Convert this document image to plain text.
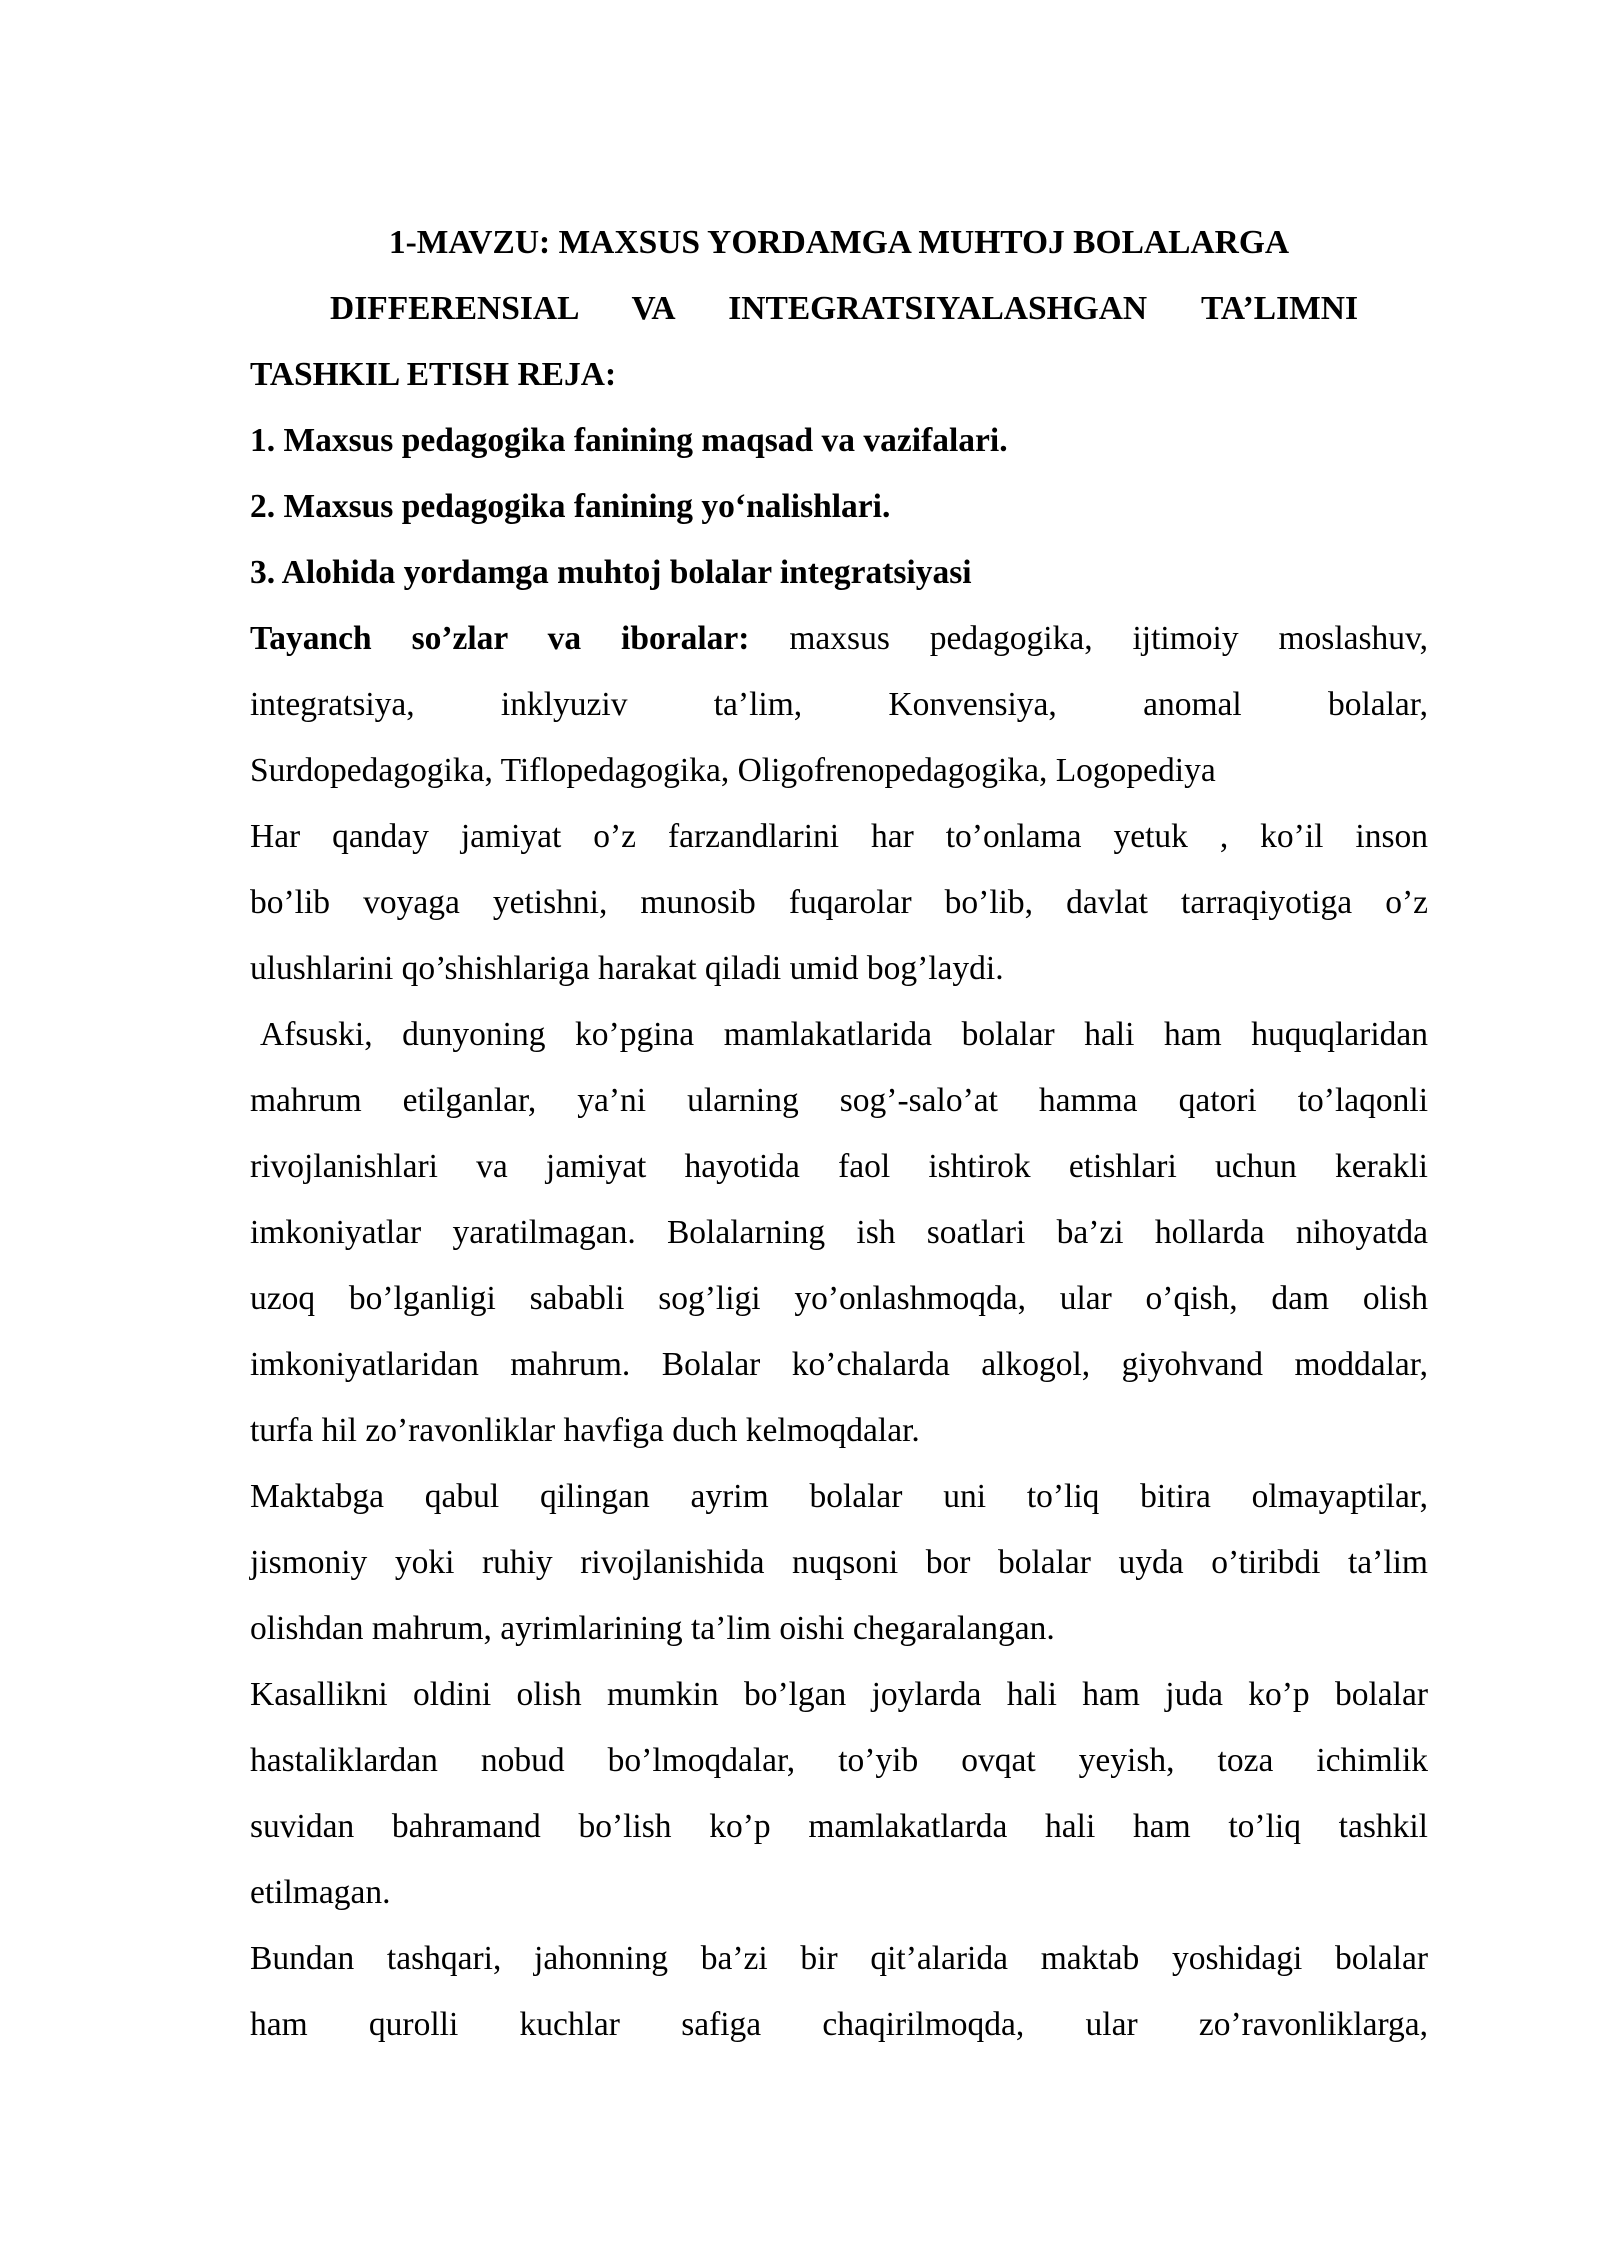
1-MAVZU: MAXSUS YORDAMGA MUHTOJ BOLALARGA
DIFFERENSIAL VA INTEGRATSIYALASHGAN TA’LIMNI
TASHKIL ETISH REJA:
1. Maxsus pedagogika fanining maqsad va vazifalari.
2. Maxsus pedagogika fanining yo‘nalishlari.
3. Alohida yordamga muhtoj bolalar integratsiyasi
Tayanch so’zlar va iboralar: maxsus pedagogika, ijtimoiy moslashuv,
integratsiya, inklyuziv ta’lim, Konvensiya, anomal bolalar,
Surdopedagogika, Tiflopedagogika, Oligofrenopedagogika, Logopediya
Har qanday jamiyat o’z farzandlarini har to’onlama yetuk , ko’il inson
bo’lib voyaga yetishni, munosib fuqarolar bo’lib, davlat tarraqiyotiga o’z
ulushlarini qo’shishlariga harakat qiladi umid bog’laydi.
Afsuski, dunyoning ko’pgina mamlakatlarida bolalar hali ham huquqlaridan
mahrum etilganlar, ya’ni ularning sog’-salo’at hamma qatori to’laqonli
rivojlanishlari va jamiyat hayotida faol ishtirok etishlari uchun kerakli
imkoniyatlar yaratilmagan. Bolalarning ish soatlari ba’zi hollarda nihoyatda
uzoq bo’lganligi sababli sog’ligi yo’onlashmoqda, ular o’qish, dam olish
imkoniyatlaridan mahrum. Bolalar ko’chalarda alkogol, giyohvand moddalar,
turfa hil zo’ravonliklar havfiga duch kelmoqdalar.
Maktabga qabul qilingan ayrim bolalar uni to’liq bitira olmayaptilar,
jismoniy yoki ruhiy rivojlanishida nuqsoni bor bolalar uyda o’tiribdi ta’lim
olishdan mahrum, ayrimlarining ta’lim oishi chegaralangan.
Kasallikni oldini olish mumkin bo’lgan joylarda hali ham juda ko’p bolalar
hastaliklardan nobud bo’lmoqdalar, to’yib ovqat yeyish, toza ichimlik
suvidan bahramand bo’lish ko’p mamlakatlarda hali ham to’liq tashkil
etilmagan.
Bundan tashqari, jahonning ba’zi bir qit’alarida maktab yoshidagi bolalar
ham qurolli kuchlar safiga chaqirilmoqda, ular zo’ravonliklarga,
